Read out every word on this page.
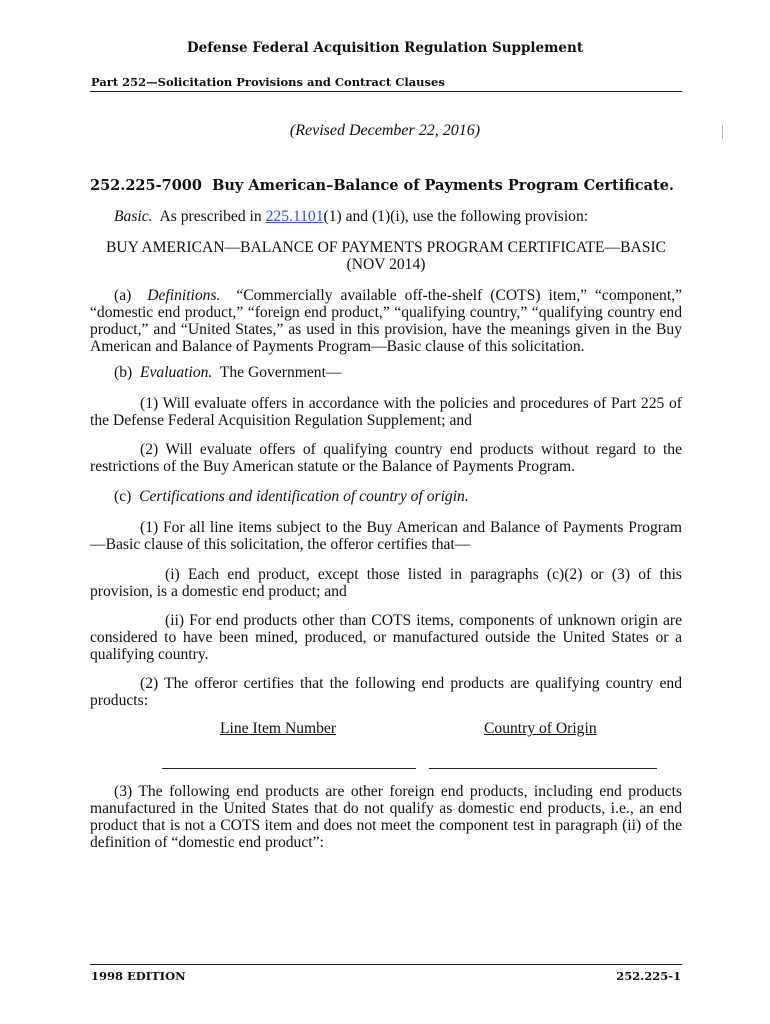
Defense Federal Acquisition Regulation Supplement
Part 252—Solicitation Provisions and Contract Clauses
(Revised December 22, 2016)
252.225-7000 Buy American–Balance of Payments Program Certificate.
Basic. As prescribed in 225.1101(1) and (1)(i), use the following provision:
BUY AMERICAN—BALANCE OF PAYMENTS PROGRAM CERTIFICATE—BASIC
(NOV 2014)

(a) Definitions. “Commercially available off-the-shelf (COTS) item,” “component,” “domestic end product,” “foreign end product,” “qualifying country,” “qualifying country end product,” and “United States,” as used in this provision, have the meanings given in the Buy American and Balance of Payments Program—Basic clause of this solicitation.

(b) Evaluation. The Government—

(1) Will evaluate offers in accordance with the policies and procedures of Part 225 of the Defense Federal Acquisition Regulation Supplement; and

(2) Will evaluate offers of qualifying country end products without regard to the restrictions of the Buy American statute or the Balance of Payments Program.

(c) Certifications and identification of country of origin.

(1) For all line items subject to the Buy American and Balance of Payments Program—Basic clause of this solicitation, the offeror certifies that—

(i) Each end product, except those listed in paragraphs (c)(2) or (3) of this provision, is a domestic end product; and

(ii) For end products other than COTS items, components of unknown origin are considered to have been mined, produced, or manufactured outside the United States or a qualifying country.

(2) The offeror certifies that the following end products are qualifying country end products:

Line Item Number	Country of Origin

(3) The following end products are other foreign end products, including end products manufactured in the United States that do not qualify as domestic end products, i.e., an end product that is not a COTS item and does not meet the component test in paragraph (ii) of the definition of “domestic end product”:

1998 EDITION	252.225-1
